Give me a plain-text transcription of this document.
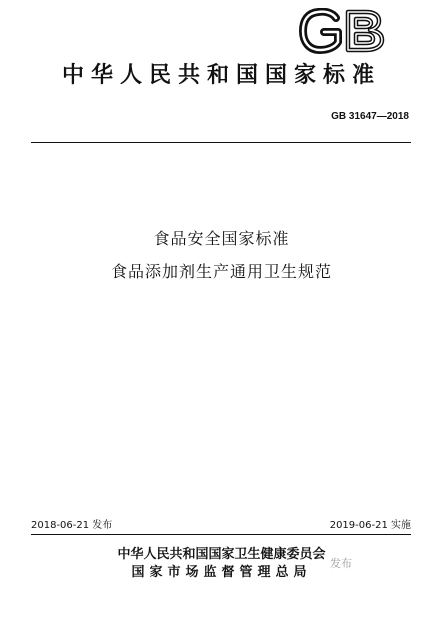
中华人民共和国国家标准
GB 31647—2018
食品安全国家标准
食品添加剂生产通用卫生规范
2018-06-21 发布	2019-06-21 实施
中华人民共和国国家卫生健康委员会
国家市场监督管理总局
发布
